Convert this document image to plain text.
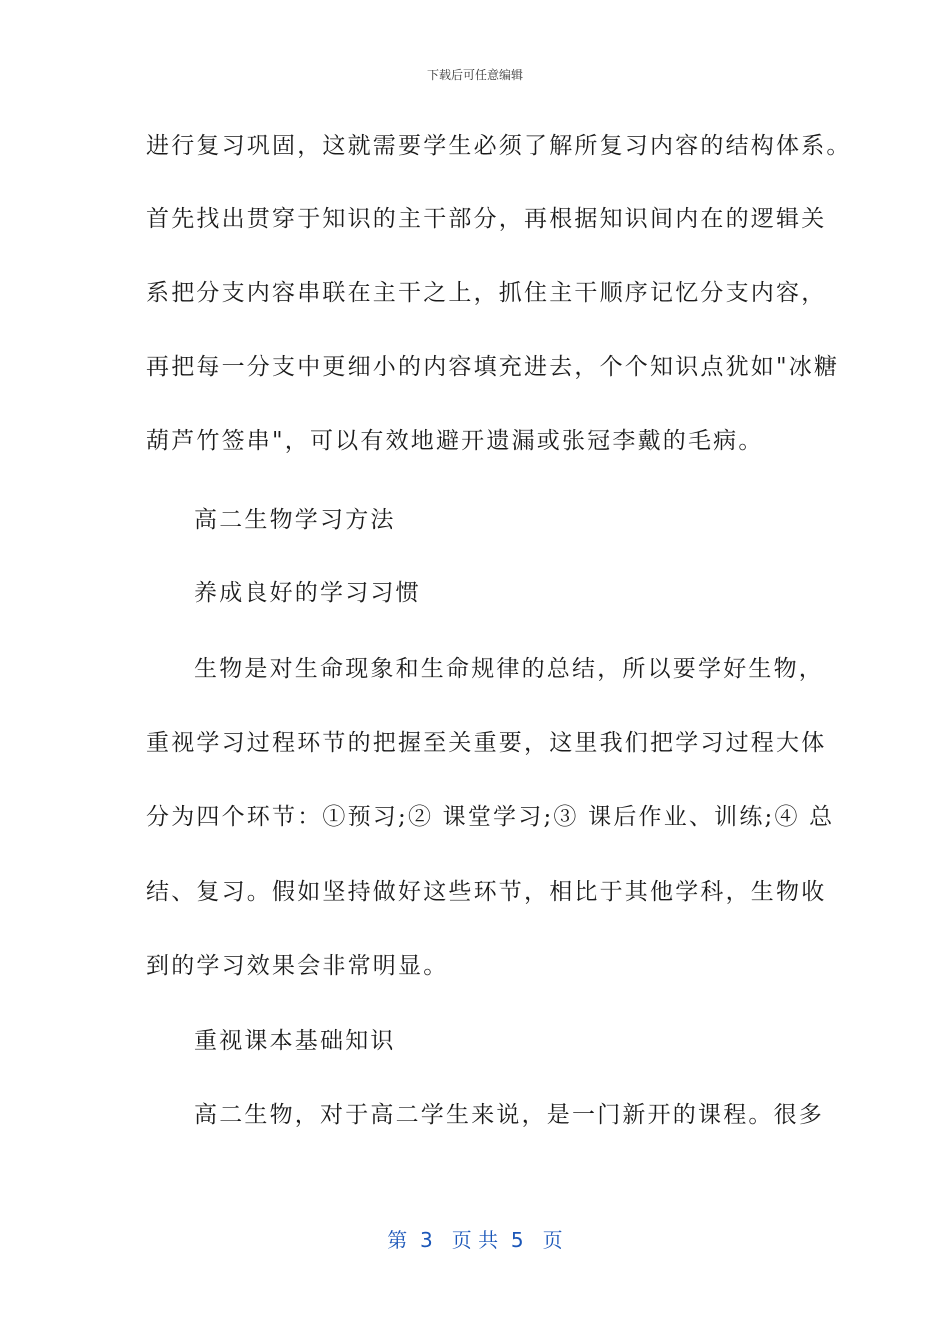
下载后可任意编辑
进行复习巩固，这就需要学生必须了解所复习内容的结构体系。
首先找出贯穿于知识的主干部分，再根据知识间内在的逻辑关
系把分支内容串联在主干之上，抓住主干顺序记忆分支内容，
再把每一分支中更细小的内容填充进去，个个知识点犹如"冰糖
葫芦竹签串"，可以有效地避开遗漏或张冠李戴的毛病。
高二生物学习方法
养成良好的学习习惯
生物是对生命现象和生命规律的总结，所以要学好生物，
重视学习过程环节的把握至关重要，这里我们把学习过程大体
分为四个环节：①预习;② 课堂学习;③ 课后作业、训练;④ 总
结、复习。假如坚持做好这些环节，相比于其他学科，生物收
到的学习效果会非常明显。
重视课本基础知识
高二生物，对于高二学生来说，是一门新开的课程。很多
第  3   页 共  5   页
